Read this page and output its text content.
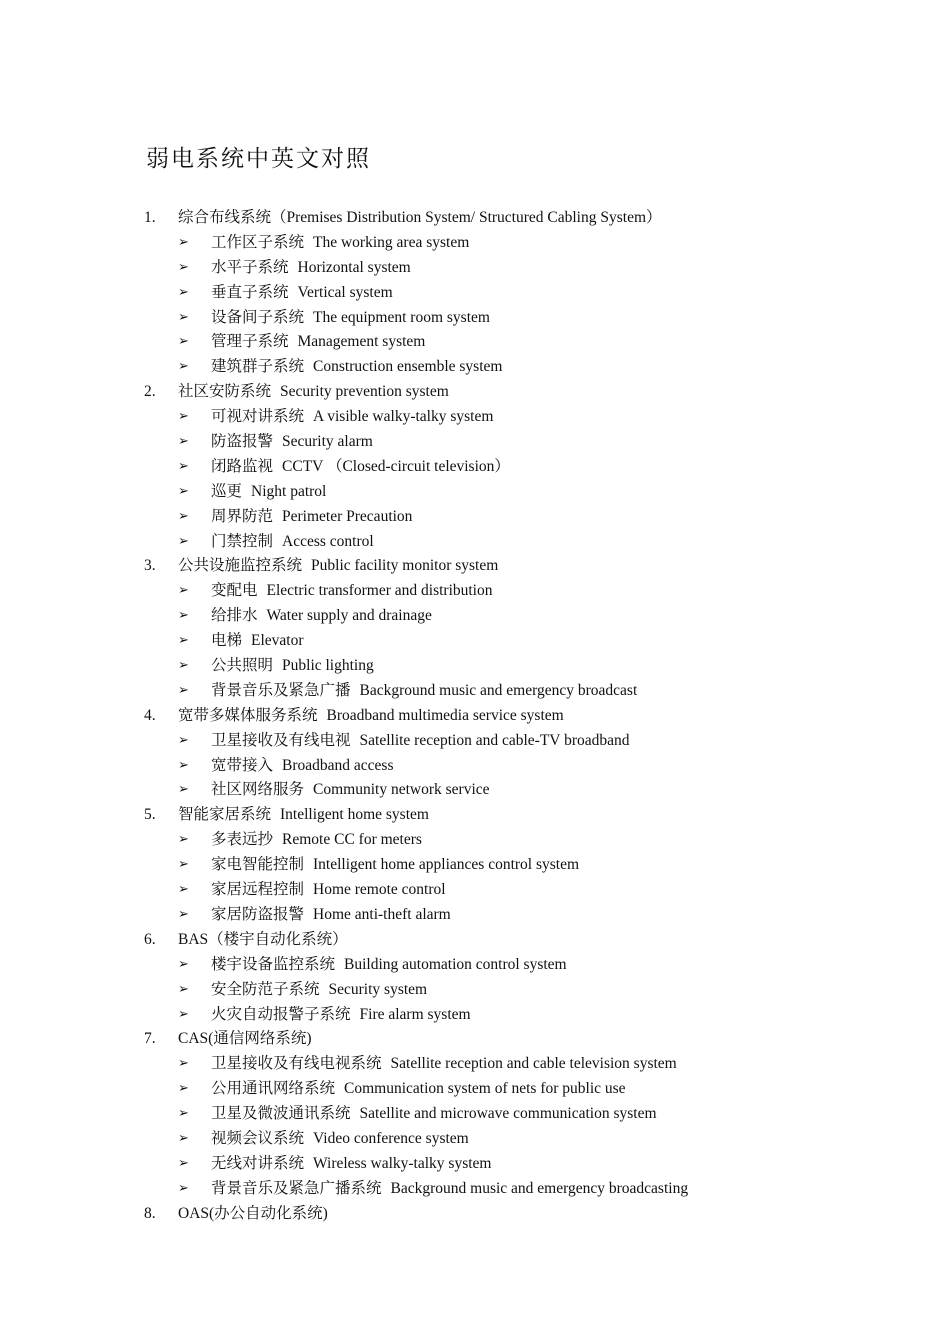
弱电系统中英文对照
1. 综合布线系统（Premises Distribution System/ Structured Cabling System）
➢ 工作区子系统 The working area system
➢ 水平子系统 Horizontal system
➢ 垂直子系统 Vertical system
➢ 设备间子系统 The equipment room system
➢ 管理子系统 Management system
➢ 建筑群子系统 Construction ensemble system
2. 社区安防系统 Security prevention system
➢ 可视对讲系统 A visible walky-talky system
➢ 防盗报警 Security alarm
➢ 闭路监视 CCTV （Closed-circuit television）
➢ 巡更 Night patrol
➢ 周界防范 Perimeter Precaution
➢ 门禁控制 Access control
3. 公共设施监控系统 Public facility monitor system
➢ 变配电 Electric transformer and distribution
➢ 给排水 Water supply and drainage
➢ 电梯 Elevator
➢ 公共照明 Public lighting
➢ 背景音乐及紧急广播 Background music and emergency broadcast
4. 宽带多媒体服务系统 Broadband multimedia service system
➢ 卫星接收及有线电视 Satellite reception and cable-TV broadband
➢ 宽带接入 Broadband access
➢ 社区网络服务 Community network service
5. 智能家居系统 Intelligent home system
➢ 多表远抄 Remote CC for meters
➢ 家电智能控制 Intelligent home appliances control system
➢ 家居远程控制 Home remote control
➢ 家居防盗报警 Home anti-theft alarm
6. BAS（楼宇自动化系统）
➢ 楼宇设备监控系统 Building automation control system
➢ 安全防范子系统 Security system
➢ 火灾自动报警子系统 Fire alarm system
7. CAS(通信网络系统)
➢ 卫星接收及有线电视系统 Satellite reception and cable television system
➢ 公用通讯网络系统 Communication system of nets for public use
➢ 卫星及微波通讯系统 Satellite and microwave communication system
➢ 视频会议系统 Video conference system
➢ 无线对讲系统 Wireless walky-talky system
➢ 背景音乐及紧急广播系统 Background music and emergency broadcasting
8. OAS(办公自动化系统)
